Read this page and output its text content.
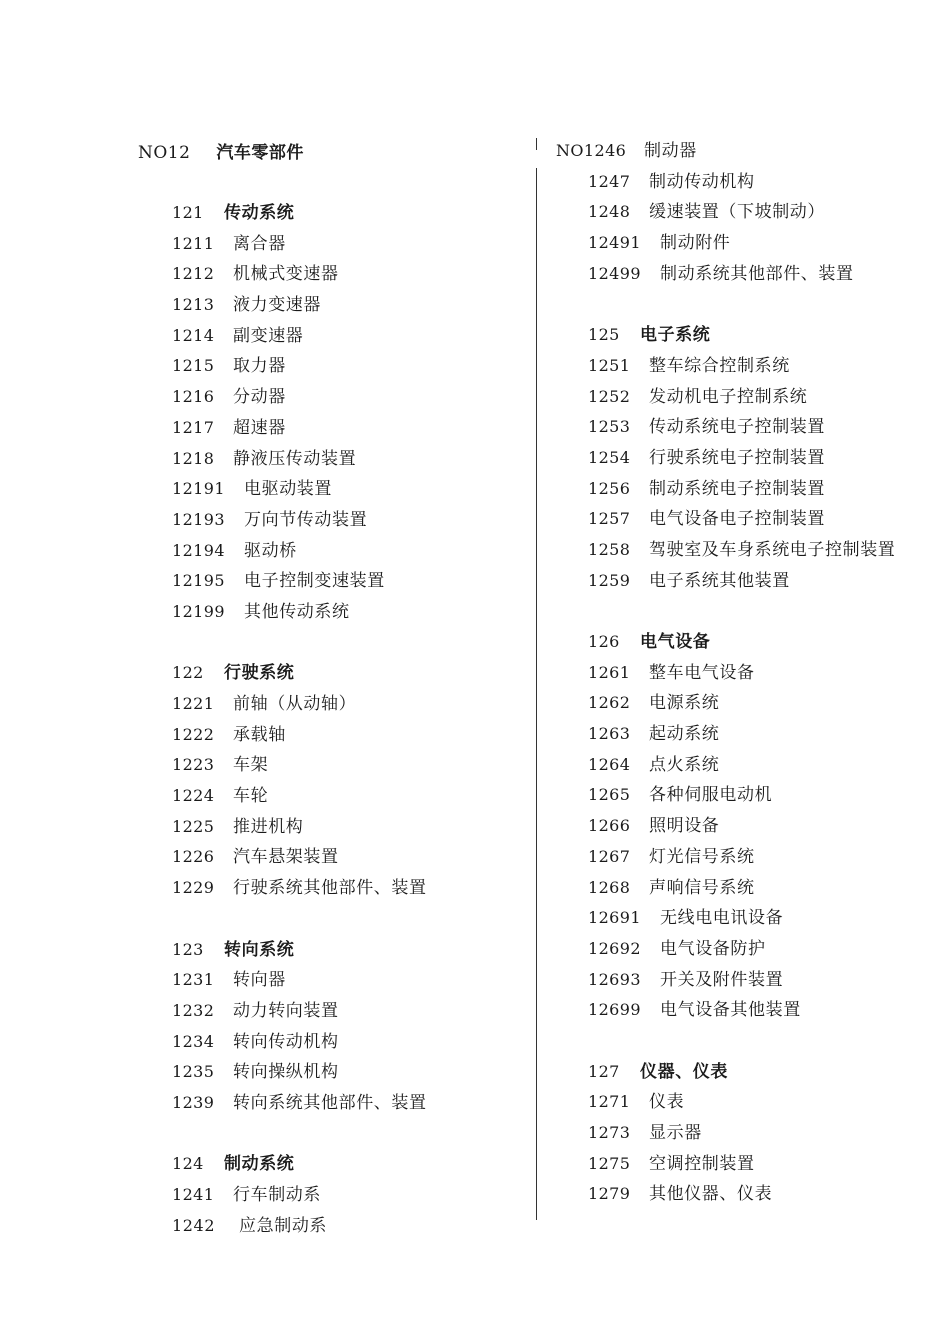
NO12 汽车零部件
121 传动系统
1211 离合器
1212 机械式变速器
1213 液力变速器
1214 副变速器
1215 取力器
1216 分动器
1217 超速器
1218 静液压传动装置
12191 电驱动装置
12193 万向节传动装置
12194 驱动桥
12195 电子控制变速装置
12199 其他传动系统
122 行驶系统
1221 前轴（从动轴）
1222 承载轴
1223 车架
1224 车轮
1225 推进机构
1226 汽车悬架装置
1229 行驶系统其他部件、装置
123 转向系统
1231 转向器
1232 动力转向装置
1234 转向传动机构
1235 转向操纵机构
1239 转向系统其他部件、装置
124 制动系统
1241 行车制动系
NO1246 制动器
1247 制动传动机构
1248 缓速装置（下坡制动）
12491 制动附件
12499 制动系统其他部件、装置
125 电子系统
1251 整车综合控制系统
1252 发动机电子控制系统
1253 传动系统电子控制装置
1254 行驶系统电子控制装置
1256 制动系统电子控制装置
1257 电气设备电子控制装置
1258 驾驶室及车身系统电子控制装置
1259 电子系统其他装置
126 电气设备
1261 整车电气设备
1262 电源系统
1263 起动系统
1264 点火系统
1265 各种伺服电动机
1266 照明设备
1267 灯光信号系统
1268 声响信号系统
12691 无线电电讯设备
12692 电气设备防护
12693 开关及附件装置
12699 电气设备其他装置
127 仪器、仪表
1271 仪表
1273 显示器
1275 空调控制装置
1279 其他仪器、仪表
1242 应急制动系
